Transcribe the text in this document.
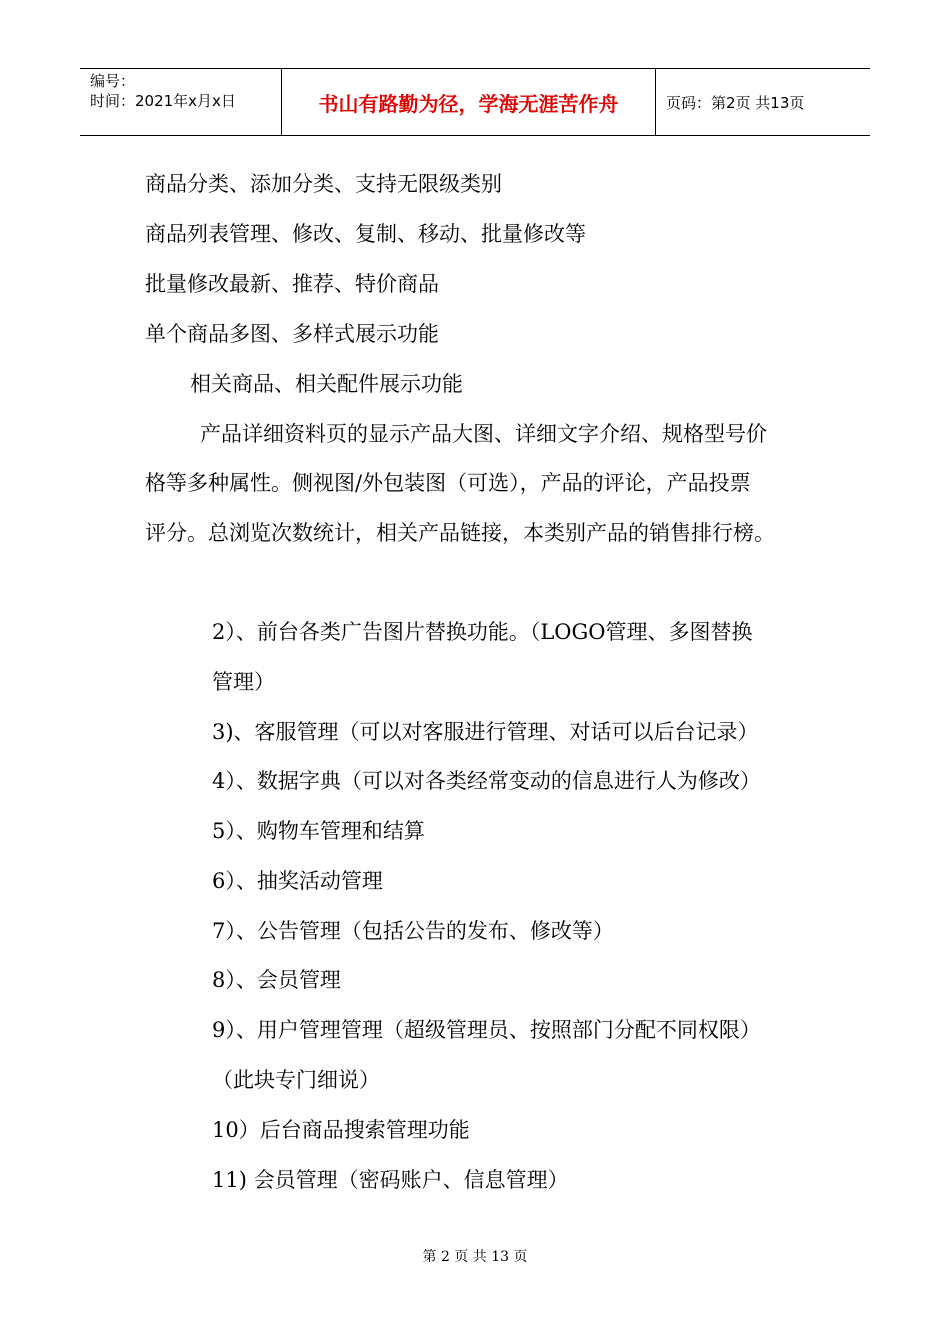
编号：
时间：2021年x月x日	书山有路勤为径，学海无涯苦作舟	页码：第2页 共13页
商品分类、添加分类、支持无限级类别
商品列表管理、修改、复制、移动、批量修改等
批量修改最新、推荐、特价商品
单个商品多图、多样式展示功能
相关商品、相关配件展示功能
产品详细资料页的显示产品大图、详细文字介绍、规格型号价
格等多种属性。侧视图/外包装图（可选），产品的评论，产品投票
评分。总浏览次数统计，相关产品链接，本类别产品的销售排行榜。
2）、前台各类广告图片替换功能。（LOGO管理、多图替换
管理）
3)、客服管理（可以对客服进行管理、对话可以后台记录）
4）、数据字典（可以对各类经常变动的信息进行人为修改）
5）、购物车管理和结算
6）、抽奖活动管理
7）、公告管理（包括公告的发布、修改等）
8）、会员管理
9）、用户管理管理（超级管理员、按照部门分配不同权限）
（此块专门细说）
10）后台商品搜索管理功能
11) 会员管理（密码账户、信息管理）
第 2 页 共 13 页
